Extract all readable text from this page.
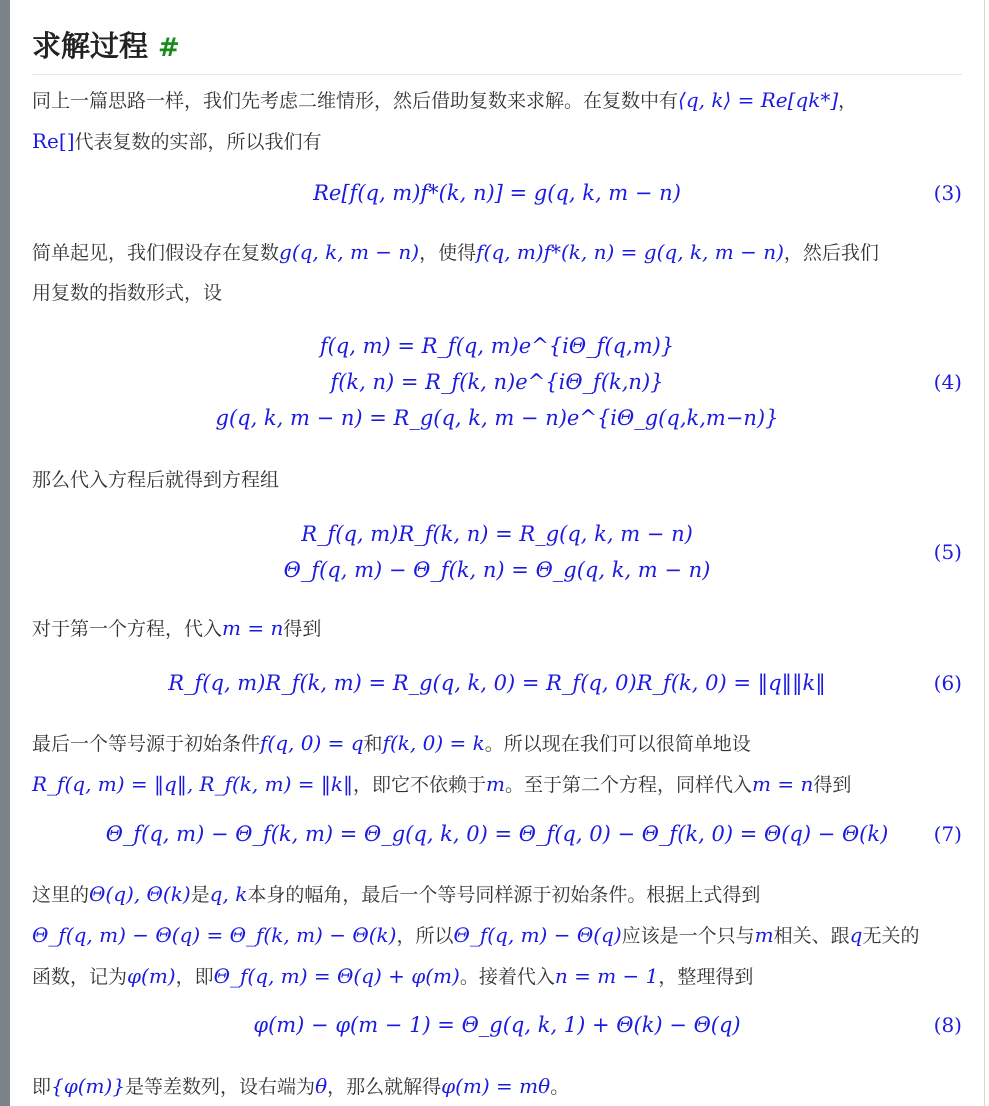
求解过程 #
同上一篇思路一样，我们先考虑二维情形，然后借助复数来求解。在复数中有⟨q, k⟩ = Re[qk*]，
Re[]代表复数的实部，所以我们有
Re[f(q, m)f*(k, n)] = g(q, k, m − n)	(3)
简单起见，我们假设存在复数g(q, k, m − n)，使得f(q, m)f*(k, n) = g(q, k, m − n)，然后我们
用复数的指数形式，设
f(q, m) = R_f(q, m)e^{iΘ_f(q,m)}
f(k, n) = R_f(k, n)e^{iΘ_f(k,n)}
g(q, k, m − n) = R_g(q, k, m − n)e^{iΘ_g(q,k,m−n)}
(4)
那么代入方程后就得到方程组
R_f(q, m)R_f(k, n) = R_g(q, k, m − n)
Θ_f(q, m) − Θ_f(k, n) = Θ_g(q, k, m − n)
(5)
对于第一个方程，代入m = n得到
R_f(q, m)R_f(k, m) = R_g(q, k, 0) = R_f(q, 0)R_f(k, 0) = ‖q‖‖k‖	(6)
最后一个等号源于初始条件f(q, 0) = q和f(k, 0) = k。所以现在我们可以很简单地设
R_f(q, m) = ‖q‖, R_f(k, m) = ‖k‖，即它不依赖于m。至于第二个方程，同样代入m = n得到
Θ_f(q, m) − Θ_f(k, m) = Θ_g(q, k, 0) = Θ_f(q, 0) − Θ_f(k, 0) = Θ(q) − Θ(k) (7)
这里的Θ(q), Θ(k)是q, k本身的幅角，最后一个等号同样源于初始条件。根据上式得到
Θ_f(q, m) − Θ(q) = Θ_f(k, m) − Θ(k)，所以Θ_f(q, m) − Θ(q)应该是一个只与m相关、跟q无关的
函数，记为φ(m)，即Θ_f(q, m) = Θ(q) + φ(m)。接着代入n = m − 1，整理得到
φ(m) − φ(m − 1) = Θ_g(q, k, 1) + Θ(k) − Θ(q)	(8)
即{φ(m)}是等差数列，设右端为θ，那么就解得φ(m) = mθ。
